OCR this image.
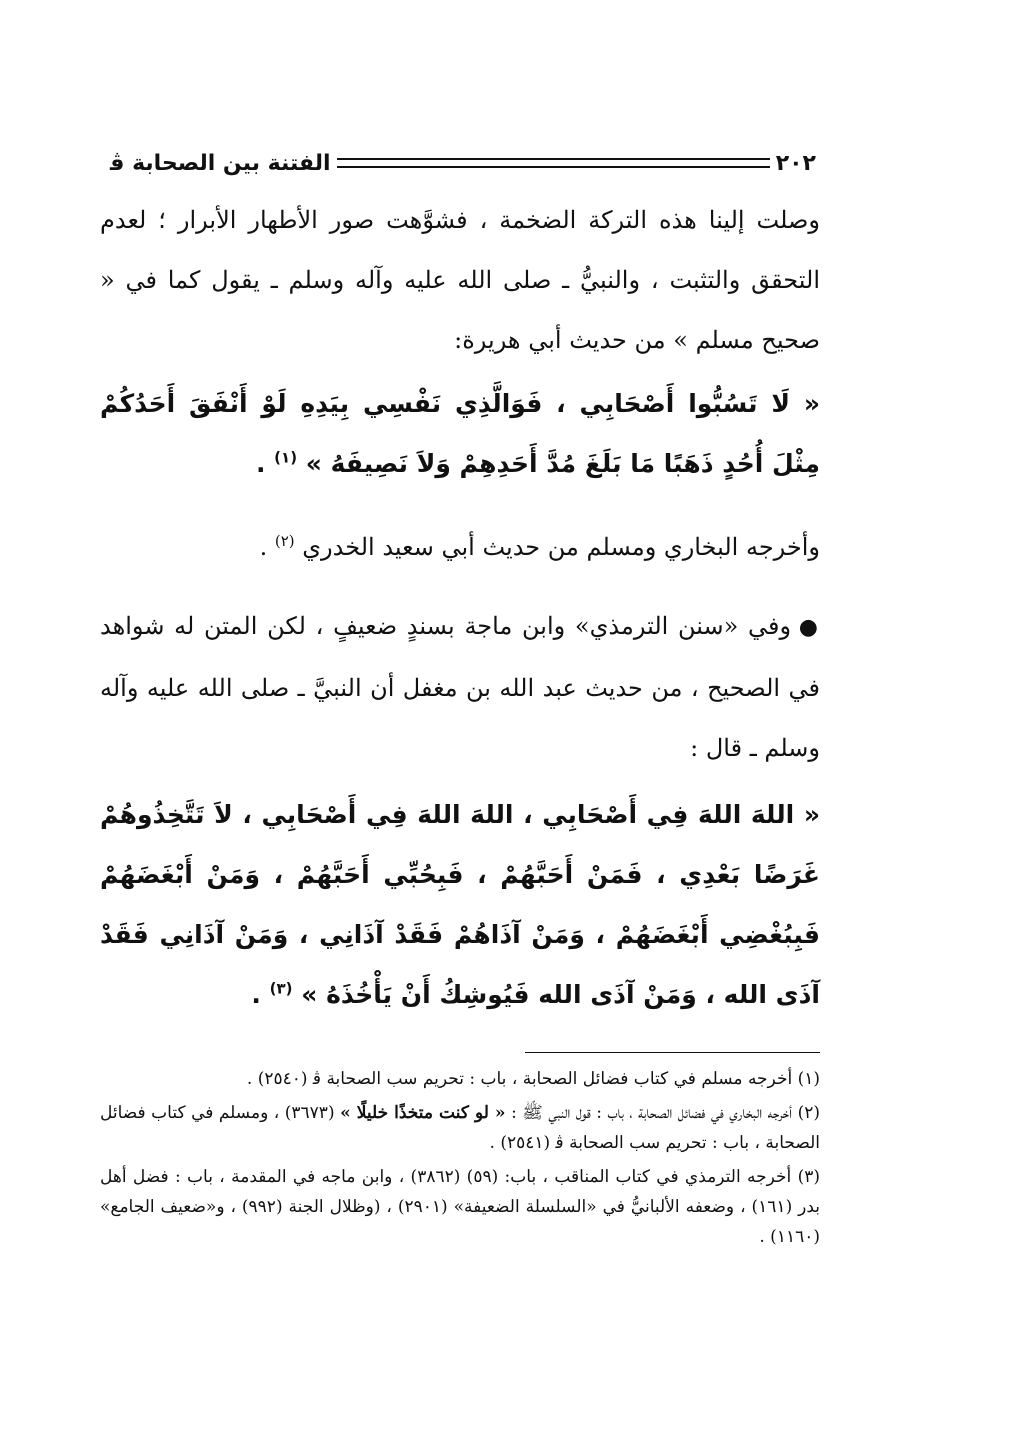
٢٠٢
الفتنة بين الصحابة ﭬ

وصلت إلينا هذه التركة الضخمة ، فشوَّهت صور الأطهار الأبرار ؛ لعدم التحقق والتثبت ، والنبيُّ ـ صلى الله عليه وآله وسلم ـ يقول كما في « صحيح مسلم » من حديث أبي هريرة:

« لَا تَسُبُّوا أَصْحَابِي ، فَوَالَّذِي نَفْسِي بِيَدِهِ لَوْ أَنْفَقَ أَحَدُكُمْ مِثْلَ أُحُدٍ ذَهَبًا مَا بَلَغَ مُدَّ أَحَدِهِمْ وَلاَ نَصِيفَهُ » $^{(١)}$ .

وأخرجه البخاري ومسلم من حديث أبي سعيد الخدري $^{(٢)}$ .

● وفي «سنن الترمذي» وابن ماجة بسندٍ ضعيفٍ ، لكن المتن له شواهد في الصحيح ، من حديث عبد الله بن مغفل أن النبيَّ ـ صلى الله عليه وآله وسلم ـ قال :

« اللهَ اللهَ فِي أَصْحَابِي ، اللهَ اللهَ فِي أَصْحَابِي ، لاَ تَتَّخِذُوهُمْ غَرَضًا بَعْدِي ، فَمَنْ أَحَبَّهُمْ ، فَبِحُبِّي أَحَبَّهُمْ ، وَمَنْ أَبْغَضَهُمْ فَبِبُغْضِي أَبْغَضَهُمْ ، وَمَنْ آذَاهُمْ فَقَدْ آذَانِي ، وَمَنْ آذَانِي فَقَدْ آذَى الله ، وَمَنْ آذَى الله فَيُوشِكُ أَنْ يَأْخُذَهُ » $^{(٣)}$ .

(١) أخرجه مسلم في كتاب فضائل الصحابة ، باب : تحريم سب الصحابة ﭬ (٢٥٤٠) .

(٢) أخرجه البخاري في فضائل الصحابة ، باب : قول النبي ﷺ : « لو كنت متخذًا خليلًا » (٣٦٧٣) ، ومسلم في كتاب فضائل الصحابة ، باب : تحريم سب الصحابة ﭬ (٢٥٤١) .

(٣) أخرجه الترمذي في كتاب المناقب ، باب: (٥٩) (٣٨٦٢) ، وابن ماجه في المقدمة ، باب : فضل أهل بدر (١٦١) ، وضعفه الألبانيُّ في «السلسلة الضعيفة» (٢٩٠١) ، (وظلال الجنة (٩٩٢) ، و«ضعيف الجامع» (١١٦٠) .
